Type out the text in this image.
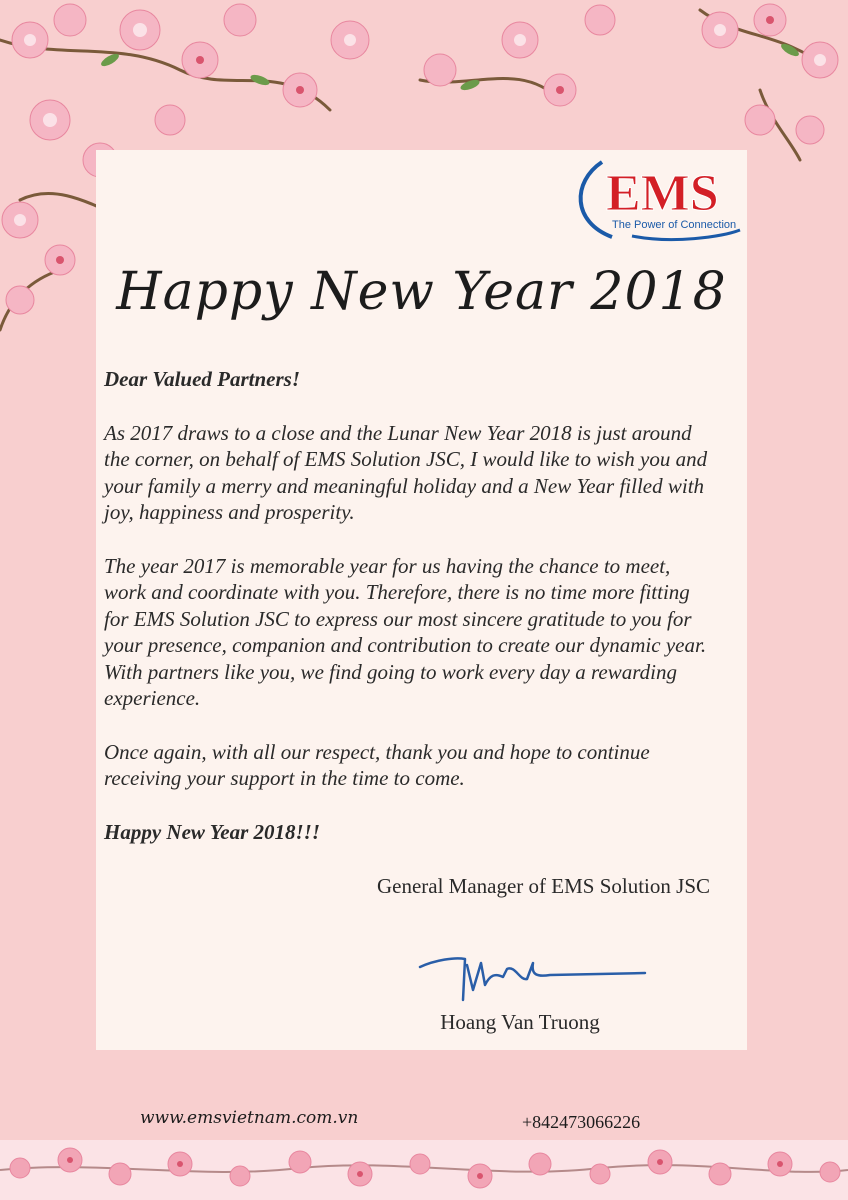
EMS
The Power of Connection
Happy New Year 2018

Dear Valued Partners!

As 2017 draws to a close and the Lunar New Year 2018 is just around the corner, on behalf of EMS Solution JSC, I would like to wish you and your family a merry and meaningful holiday and a New Year filled with joy, happiness and prosperity.

The year 2017 is memorable year for us having the chance to meet, work and coordinate with you. Therefore, there is no time more fitting for EMS Solution JSC to express our most sincere gratitude to you for your presence, companion and contribution to create our dynamic year. With partners like you, we find going to work every day a rewarding experience.

Once again, with all our respect, thank you and hope to continue receiving your support in the time to come.

Happy New Year 2018!!!

General Manager of EMS Solution JSC
Hoang Van Truong
www.emsvietnam.com.vn	+842473066226
